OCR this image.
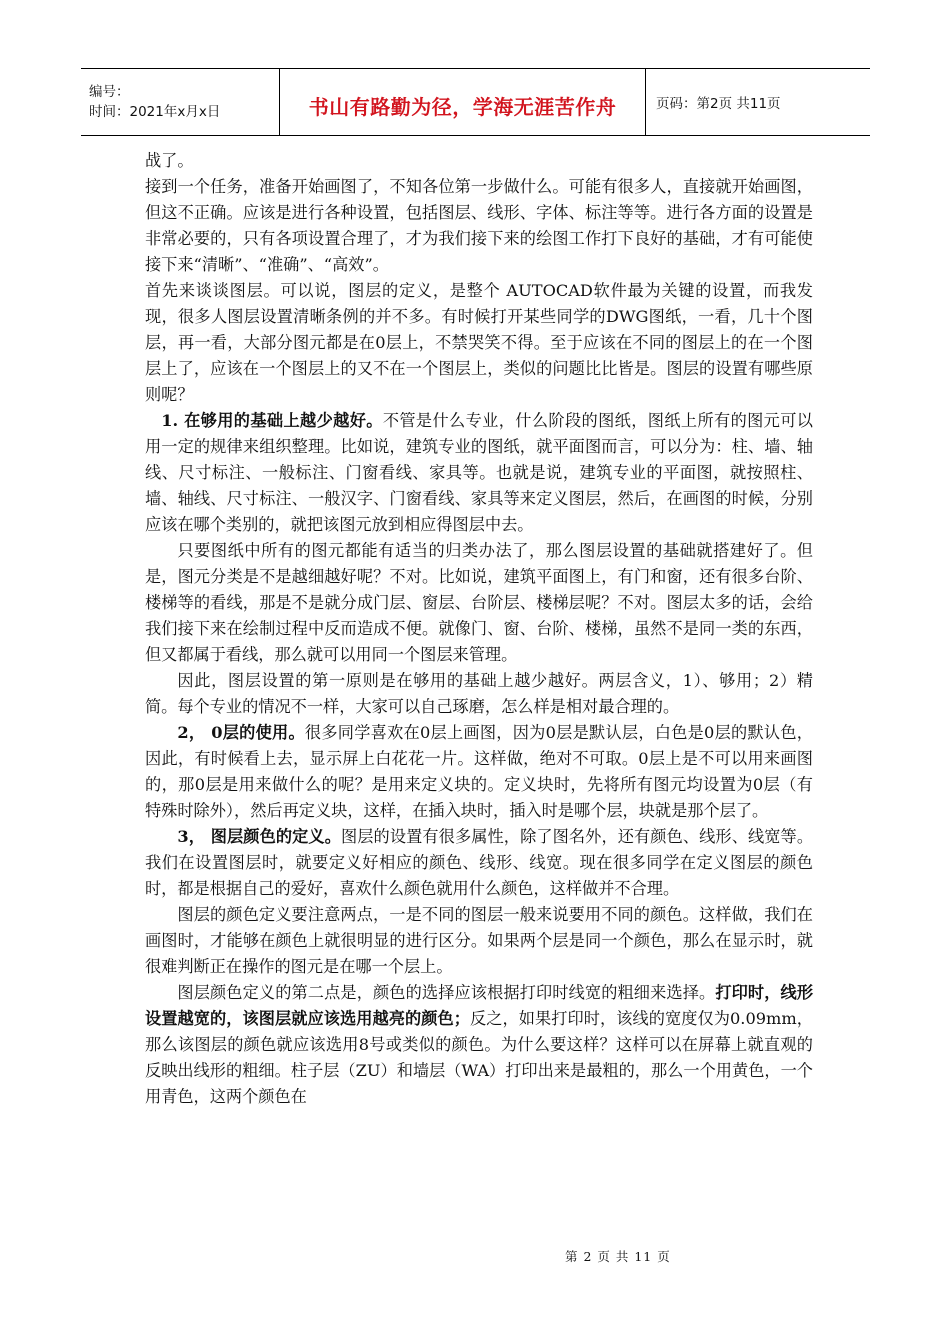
编号：
时间：2021年x月x日	书山有路勤为径，学海无涯苦作舟	页码：第2页 共11页

战了。

接到一个任务，准备开始画图了，不知各位第一步做什么。可能有很多人，直接就开始画图，但这不正确。应该是进行各种设置，包括图层、线形、字体、标注等等。进行各方面的设置是非常必要的，只有各项设置合理了，才为我们接下来的绘图工作打下良好的基础，才有可能使接下来“清晰”、“准确”、“高效”。

首先来谈谈图层。可以说，图层的定义，是整个 AUTOCAD软件最为关键的设置，而我发现，很多人图层设置清晰条例的并不多。有时候打开某些同学的DWG图纸，一看，几十个图层，再一看，大部分图元都是在0层上，不禁哭笑不得。至于应该在不同的图层上的在一个图层上了，应该在一个图层上的又不在一个图层上，类似的问题比比皆是。图层的设置有哪些原则呢？

1. 在够用的基础上越少越好。不管是什么专业，什么阶段的图纸，图纸上所有的图元可以用一定的规律来组织整理。比如说，建筑专业的图纸，就平面图而言，可以分为：柱、墙、轴线、尺寸标注、一般标注、门窗看线、家具等。也就是说，建筑专业的平面图，就按照柱、墙、轴线、尺寸标注、一般汉字、门窗看线、家具等来定义图层，然后，在画图的时候，分别应该在哪个类别的，就把该图元放到相应得图层中去。

只要图纸中所有的图元都能有适当的归类办法了，那么图层设置的基础就搭建好了。但是，图元分类是不是越细越好呢？不对。比如说，建筑平面图上，有门和窗，还有很多台阶、楼梯等的看线，那是不是就分成门层、窗层、台阶层、楼梯层呢？不对。图层太多的话，会给我们接下来在绘制过程中反而造成不便。就像门、窗、台阶、楼梯，虽然不是同一类的东西，但又都属于看线，那么就可以用同一个图层来管理。

因此，图层设置的第一原则是在够用的基础上越少越好。两层含义，1）、够用；2）精简。每个专业的情况不一样，大家可以自己琢磨，怎么样是相对最合理的。

2， 0层的使用。很多同学喜欢在0层上画图，因为0层是默认层，白色是0层的默认色，因此，有时候看上去，显示屏上白花花一片。这样做，绝对不可取。0层上是不可以用来画图的，那0层是用来做什么的呢？是用来定义块的。定义块时，先将所有图元均设置为0层（有特殊时除外），然后再定义块，这样，在插入块时，插入时是哪个层，块就是那个层了。

3， 图层颜色的定义。图层的设置有很多属性，除了图名外，还有颜色、线形、线宽等。我们在设置图层时，就要定义好相应的颜色、线形、线宽。现在很多同学在定义图层的颜色时，都是根据自己的爱好，喜欢什么颜色就用什么颜色，这样做并不合理。

图层的颜色定义要注意两点，一是不同的图层一般来说要用不同的颜色。这样做，我们在画图时，才能够在颜色上就很明显的进行区分。如果两个层是同一个颜色，那么在显示时，就很难判断正在操作的图元是在哪一个层上。

图层颜色定义的第二点是，颜色的选择应该根据打印时线宽的粗细来选择。打印时，线形设置越宽的，该图层就应该选用越亮的颜色；反之，如果打印时，该线的宽度仅为0.09mm，那么该图层的颜色就应该选用8号或类似的颜色。为什么要这样？这样可以在屏幕上就直观的反映出线形的粗细。柱子层（ZU）和墙层（WA）打印出来是最粗的，那么一个用黄色，一个用青色，这两个颜色在

第 2 页 共 11 页
